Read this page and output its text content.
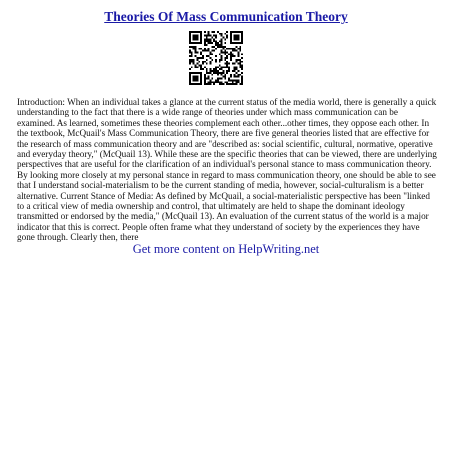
Theories Of Mass Communication Theory

Introduction: When an individual takes a glance at the current status of the media world, there is generally a quick understanding to the fact that there is a wide range of theories under which mass communication can be examined. As learned, sometimes these theories complement each other...other times, they oppose each other. In the textbook, McQuail's Mass Communication Theory, there are five general theories listed that are effective for the research of mass communication theory and are "described as: social scientific, cultural, normative, operative and everyday theory," (McQuail 13). While these are the specific theories that can be viewed, there are underlying perspectives that are useful for the clarification of an individual's personal stance to mass communication theory. By looking more closely at my personal stance in regard to mass communication theory, one should be able to see that I understand social-materialism to be the current standing of media, however, social-culturalism is a better alternative. Current Stance of Media: As defined by McQuail, a social-materialistic perspective has been "linked to a critical view of media ownership and control, that ultimately are held to shape the dominant ideology transmitted or endorsed by the media," (McQuail 13). An evaluation of the current status of the world is a major indicator that this is correct. People often frame what they understand of society by the experiences they have gone through. Clearly then, there

Get more content on HelpWriting.net
